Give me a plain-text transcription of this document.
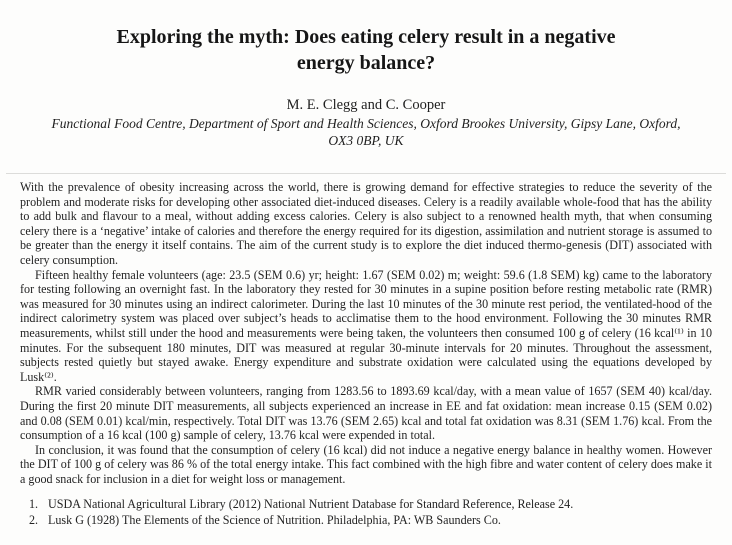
Exploring the myth: Does eating celery result in a negative energy balance?
M. E. Clegg and C. Cooper
Functional Food Centre, Department of Sport and Health Sciences, Oxford Brookes University, Gipsy Lane, Oxford,
OX3 0BP, UK

With the prevalence of obesity increasing across the world, there is growing demand for effective strategies to reduce the severity of the problem and moderate risks for developing other associated diet-induced diseases. Celery is a readily available whole-food that has the ability to add bulk and flavour to a meal, without adding excess calories. Celery is also subject to a renowned health myth, that when consuming celery there is a ‘negative’ intake of calories and therefore the energy required for its digestion, assimilation and nutrient storage is assumed to be greater than the energy it itself contains. The aim of the current study is to explore the diet induced thermo-genesis (DIT) associated with celery consumption.

Fifteen healthy female volunteers (age: 23.5 (SEM 0.6) yr; height: 1.67 (SEM 0.02) m; weight: 59.6 (1.8 SEM) kg) came to the laboratory for testing following an overnight fast. In the laboratory they rested for 30 minutes in a supine position before resting metabolic rate (RMR) was measured for 30 minutes using an indirect calorimeter. During the last 10 minutes of the 30 minute rest period, the ventilated-hood of the indirect calorimetry system was placed over subject’s heads to acclimatise them to the hood environment. Following the 30 minutes RMR measurements, whilst still under the hood and measurements were being taken, the volunteers then consumed 100 g of celery (16 kcal⁽¹⁾ in 10 minutes. For the subsequent 180 minutes, DIT was measured at regular 30-minute intervals for 20 minutes. Throughout the assessment, subjects rested quietly but stayed awake. Energy expenditure and substrate oxidation were calculated using the equations developed by Lusk⁽²⁾.

RMR varied considerably between volunteers, ranging from 1283.56 to 1893.69 kcal/day, with a mean value of 1657 (SEM 40) kcal/day. During the first 20 minute DIT measurements, all subjects experienced an increase in EE and fat oxidation: mean increase 0.15 (SEM 0.02) and 0.08 (SEM 0.01) kcal/min, respectively. Total DIT was 13.76 (SEM 2.65) kcal and total fat oxidation was 8.31 (SEM 1.76) kcal. From the consumption of a 16 kcal (100 g) sample of celery, 13.76 kcal were expended in total.

In conclusion, it was found that the consumption of celery (16 kcal) did not induce a negative energy balance in healthy women. However the DIT of 100 g of celery was 86 % of the total energy intake. This fact combined with the high fibre and water content of celery does make it a good snack for inclusion in a diet for weight loss or management.

1. USDA National Agricultural Library (2012) National Nutrient Database for Standard Reference, Release 24.
2. Lusk G (1928) The Elements of the Science of Nutrition. Philadelphia, PA: WB Saunders Co.
